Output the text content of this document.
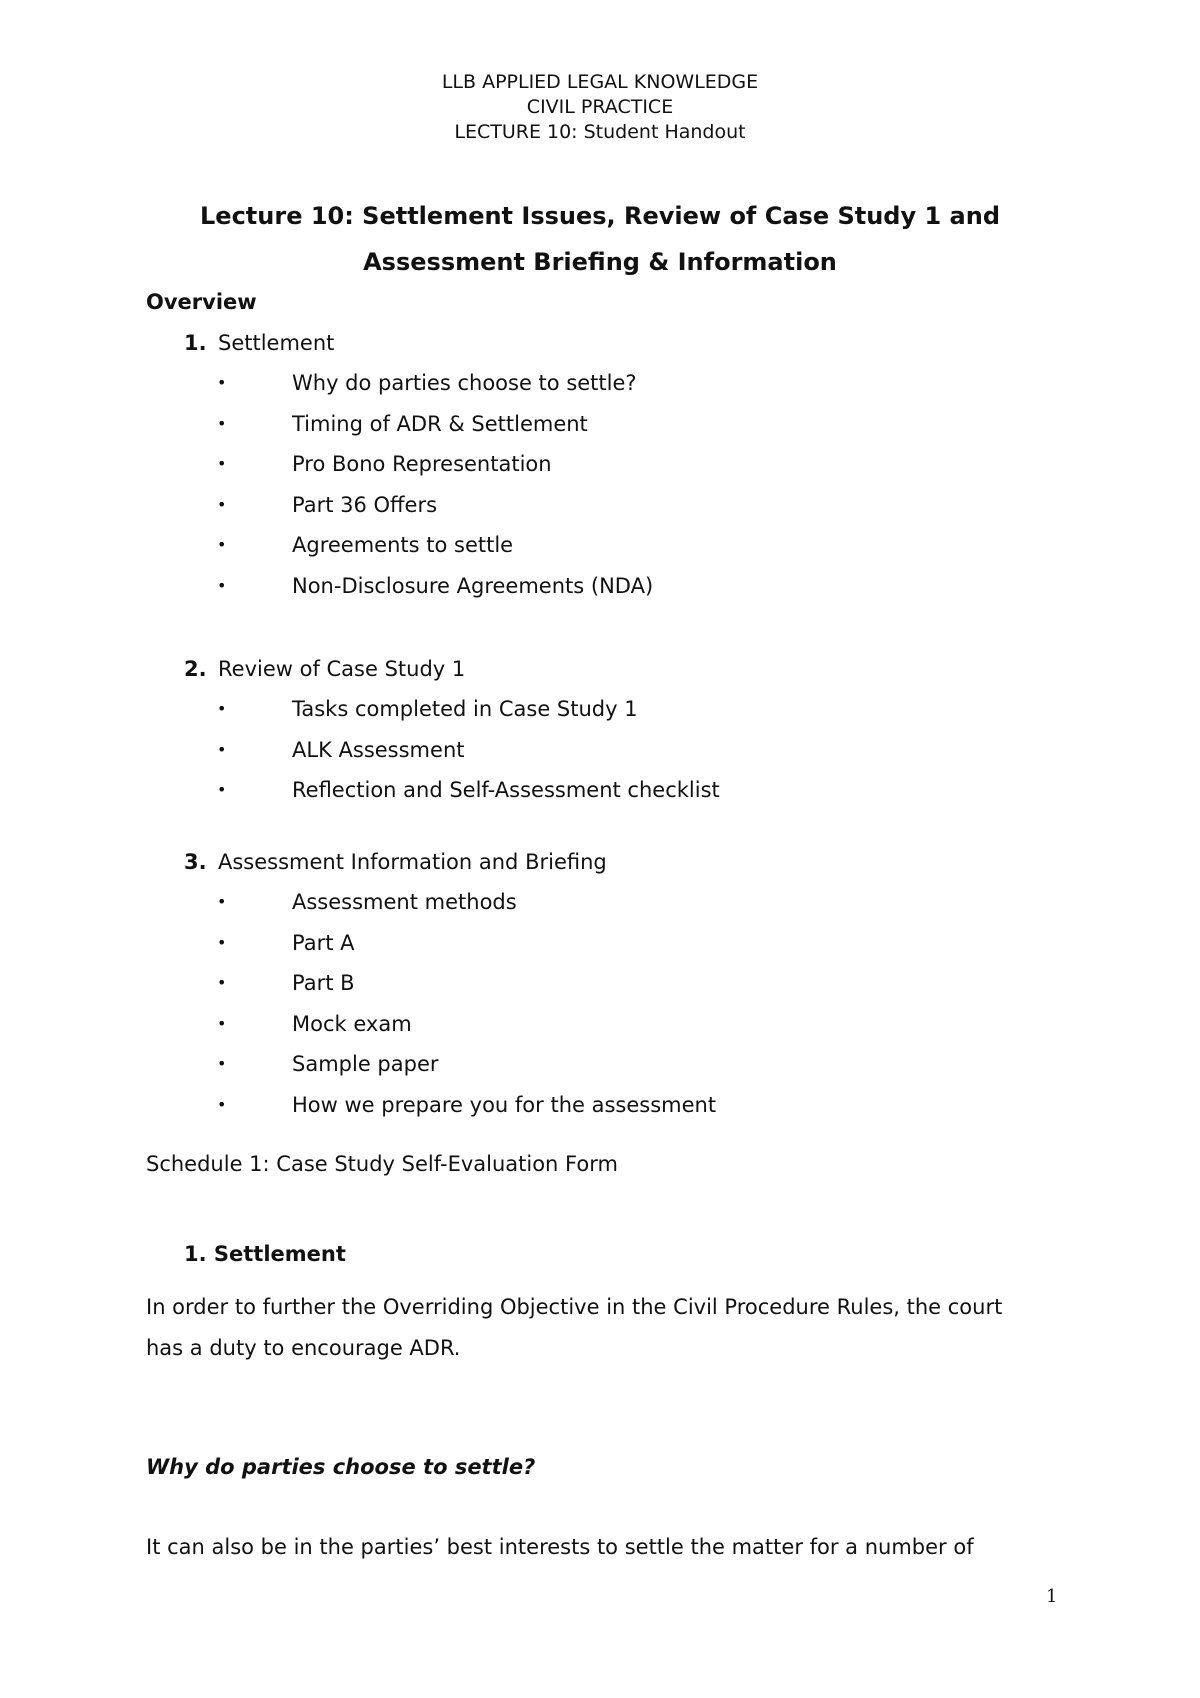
LLB APPLIED LEGAL KNOWLEDGE
CIVIL PRACTICE
LECTURE 10: Student Handout
Lecture 10: Settlement Issues, Review of Case Study 1 and
Assessment Briefing & Information
Overview
1. Settlement
•	Why do parties choose to settle?
•	Timing of ADR & Settlement
•	Pro Bono Representation
•	Part 36 Offers
•	Agreements to settle
•	Non-Disclosure Agreements (NDA)
2. Review of Case Study 1
•	Tasks completed in Case Study 1
•	ALK Assessment
•	Reflection and Self-Assessment checklist
3. Assessment Information and Briefing
•	Assessment methods
•	Part A
•	Part B
•	Mock exam
•	Sample paper
•	How we prepare you for the assessment
Schedule 1: Case Study Self-Evaluation Form
1. Settlement

In order to further the Overriding Objective in the Civil Procedure Rules, the court has a duty to encourage ADR.

Why do parties choose to settle?

It can also be in the parties’ best interests to settle the matter for a number of

1
